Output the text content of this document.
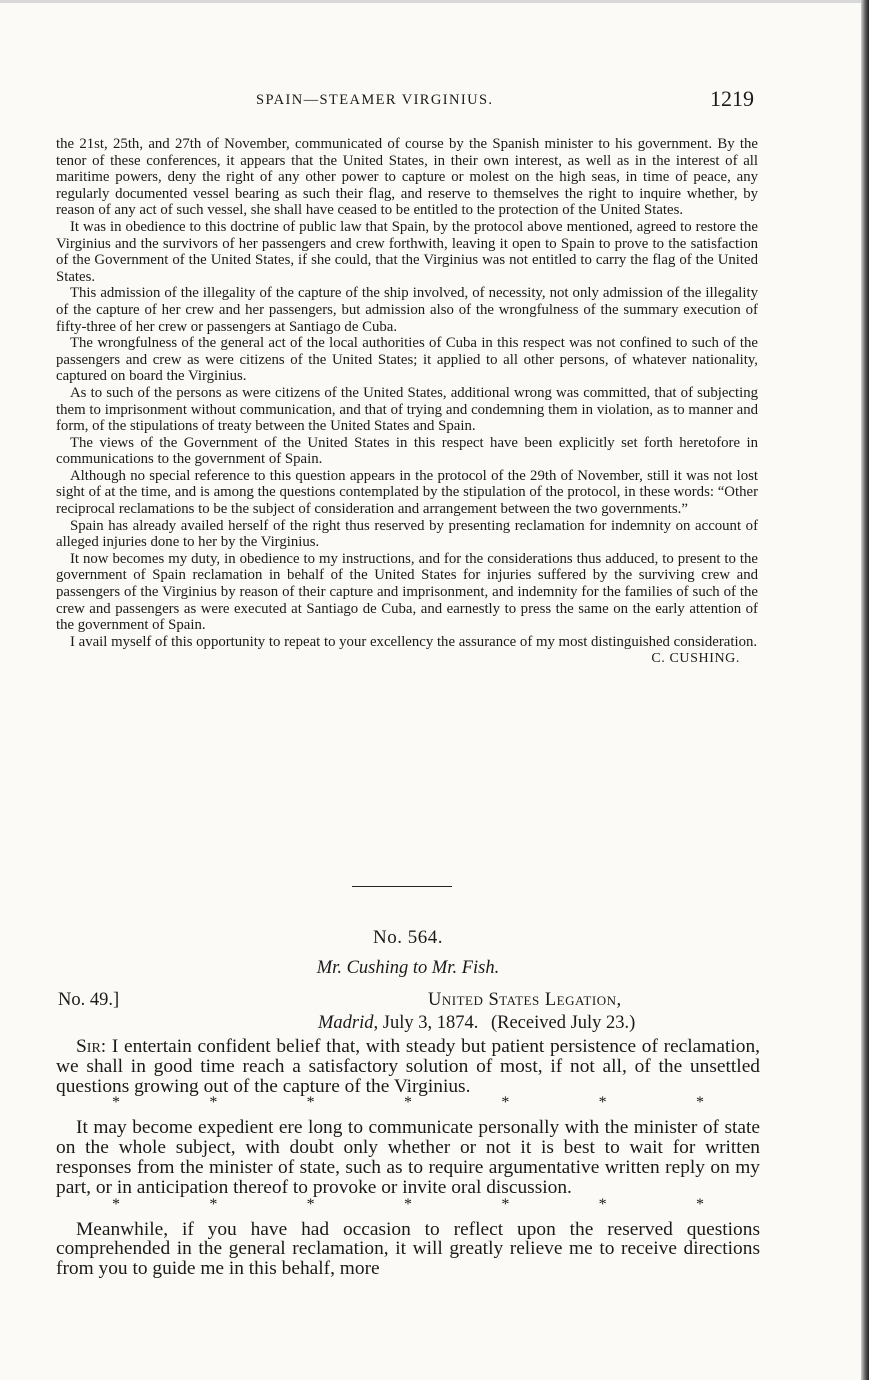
SPAIN—STEAMER VIRGINIUS.	1219

the 21st, 25th, and 27th of November, communicated of course by the Spanish minister to his government. By the tenor of these conferences, it appears that the United States, in their own interest, as well as in the interest of all maritime powers, deny the right of any other power to capture or molest on the high seas, in time of peace, any regularly documented vessel bearing as such their flag, and reserve to themselves the right to inquire whether, by reason of any act of such vessel, she shall have ceased to be entitled to the protection of the United States.

It was in obedience to this doctrine of public law that Spain, by the protocol above mentioned, agreed to restore the Virginius and the survivors of her passengers and crew forthwith, leaving it open to Spain to prove to the satisfaction of the Government of the United States, if she could, that the Virginius was not entitled to carry the flag of the United States.

This admission of the illegality of the capture of the ship involved, of necessity, not only admission of the illegality of the capture of her crew and her passengers, but admission also of the wrongfulness of the summary execution of fifty-three of her crew or passengers at Santiago de Cuba.

The wrongfulness of the general act of the local authorities of Cuba in this respect was not confined to such of the passengers and crew as were citizens of the United States; it applied to all other persons, of whatever nationality, captured on board the Virginius.

As to such of the persons as were citizens of the United States, additional wrong was committed, that of subjecting them to imprisonment without communication, and that of trying and condemning them in violation, as to manner and form, of the stipulations of treaty between the United States and Spain.

The views of the Government of the United States in this respect have been explicitly set forth heretofore in communications to the government of Spain.

Although no special reference to this question appears in the protocol of the 29th of November, still it was not lost sight of at the time, and is among the questions contemplated by the stipulation of the protocol, in these words: “Other reciprocal reclamations to be the subject of consideration and arrangement between the two governments.”

Spain has already availed herself of the right thus reserved by presenting reclamation for indemnity on account of alleged injuries done to her by the Virginius.

It now becomes my duty, in obedience to my instructions, and for the considerations thus adduced, to present to the government of Spain reclamation in behalf of the United States for injuries suffered by the surviving crew and passengers of the Virginius by reason of their capture and imprisonment, and indemnity for the families of such of the crew and passengers as were executed at Santiago de Cuba, and earnestly to press the same on the early attention of the government of Spain.

I avail myself of this opportunity to repeat to your excellency the assurance of my most distinguished consideration.

C. CUSHING.
No. 564.
Mr. Cushing to Mr. Fish.
No. 49.]	United States Legation,
Madrid, July 3, 1874. (Received July 23.)

Sir: I entertain confident belief that, with steady but patient persistence of reclamation, we shall in good time reach a satisfactory solution of most, if not all, of the unsettled questions growing out of the capture of the Virginius.

*	*	*	*	*	*	*

It may become expedient ere long to communicate personally with the minister of state on the whole subject, with doubt only whether or not it is best to wait for written responses from the minister of state, such as to require argumentative written reply on my part, or in anticipation thereof to provoke or invite oral discussion.

*	*	*	*	*	*	*

Meanwhile, if you have had occasion to reflect upon the reserved questions comprehended in the general reclamation, it will greatly relieve me to receive directions from you to guide me in this behalf, more
